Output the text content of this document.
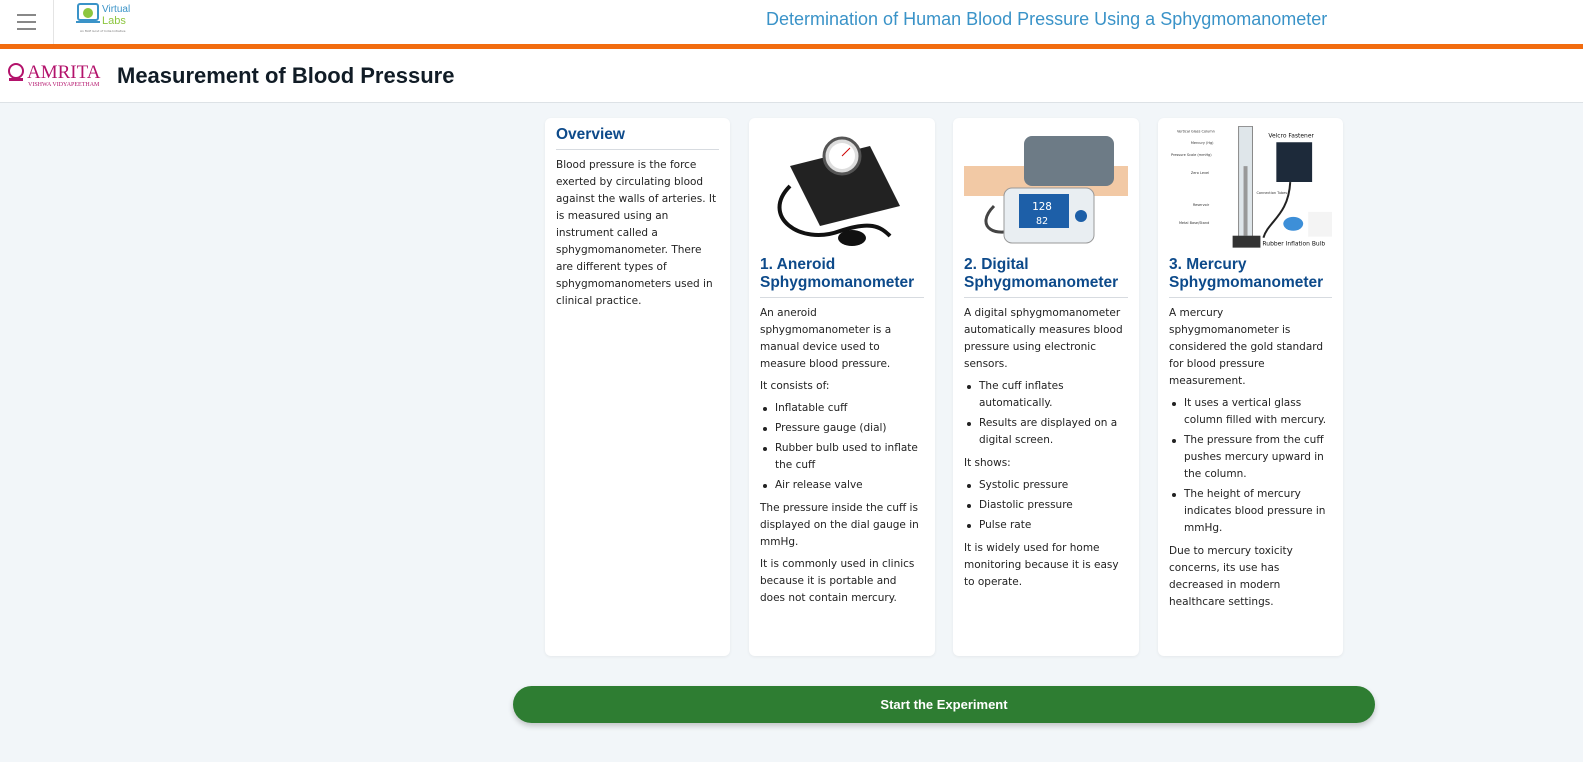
Virtual
Labs
An MoE Govt of India Initiative
Determination of Human Blood Pressure Using a Sphygmomanometer
AMRITA
VISHWA VIDYAPEETHAM Measurement of Blood Pressure
Overview

Blood pressure is the force exerted by circulating blood against the walls of arteries. It is measured using an instrument called a sphygmomanometer. There are different types of sphygmomanometers used in clinical practice.

1. Aneroid Sphygmomanometer

An aneroid sphygmomanometer is a manual device used to measure blood pressure.

It consists of:

Inflatable cuff
Pressure gauge (dial)
Rubber bulb used to inflate the cuff
Air release valve

The pressure inside the cuff is displayed on the dial gauge in mmHg.

It is commonly used in clinics because it is portable and does not contain mercury.

128
82
2. Digital Sphygmomanometer

A digital sphygmomanometer automatically measures blood pressure using electronic sensors.

The cuff inflates automatically.
Results are displayed on a digital screen.

It shows:

Systolic pressure
Diastolic pressure
Pulse rate

It is widely used for home monitoring because it is easy to operate.

Vertical Glass Column
Mercury (Hg)
Pressure Scale (mmHg)
Zero Level
Reservoir
Metal Base/Stand
Connection Tubes
Velcro Fastener
Rubber Inflation Bulb
3. Mercury Sphygmomanometer

A mercury sphygmomanometer is considered the gold standard for blood pressure measurement.

It uses a vertical glass column filled with mercury.
The pressure from the cuff pushes mercury upward in the column.
The height of mercury indicates blood pressure in mmHg.

Due to mercury toxicity concerns, its use has decreased in modern healthcare settings.

Start the Experiment
